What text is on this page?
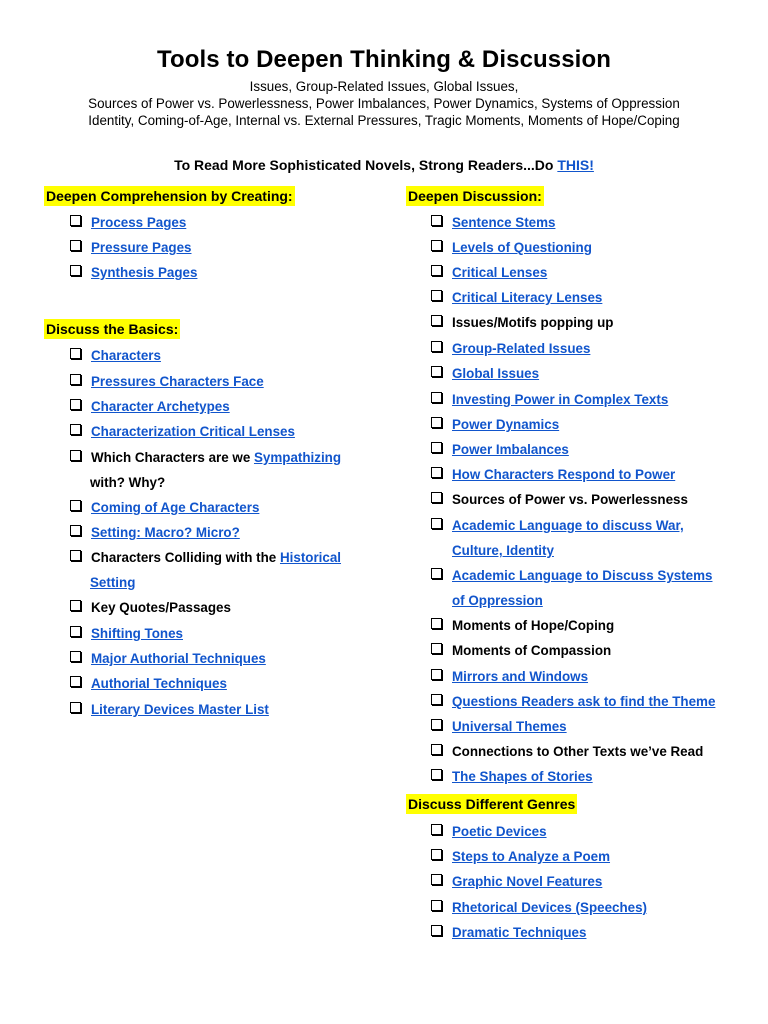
Tools to Deepen Thinking & Discussion
Issues, Group-Related Issues, Global Issues,
Sources of Power vs. Powerlessness, Power Imbalances, Power Dynamics, Systems of Oppression
Identity, Coming-of-Age, Internal vs. External Pressures, Tragic Moments, Moments of Hope/Coping
To Read More Sophisticated Novels, Strong Readers...Do THIS!
Deepen Comprehension by Creating:
Process Pages
Pressure Pages
Synthesis Pages
Discuss the Basics:
Characters
Pressures Characters Face
Character Archetypes
Characterization Critical Lenses
Which Characters are we Sympathizing
with? Why?
Coming of Age Characters
Setting: Macro? Micro?
Characters Colliding with the Historical
Setting
Key Quotes/Passages
Shifting Tones
Major Authorial Techniques
Authorial Techniques
Literary Devices Master List
Deepen Discussion:
Sentence Stems
Levels of Questioning
Critical Lenses
Critical Literacy Lenses
Issues/Motifs popping up
Group-Related Issues
Global Issues
Investing Power in Complex Texts
Power Dynamics
Power Imbalances
How Characters Respond to Power
Sources of Power vs. Powerlessness
Academic Language to discuss War,
Culture, Identity
Academic Language to Discuss Systems
of Oppression
Moments of Hope/Coping
Moments of Compassion
Mirrors and Windows
Questions Readers ask to find the Theme
Universal Themes
Connections to Other Texts we’ve Read
The Shapes of Stories
Discuss Different Genres
Poetic Devices
Steps to Analyze a Poem
Graphic Novel Features
Rhetorical Devices (Speeches)
Dramatic Techniques
